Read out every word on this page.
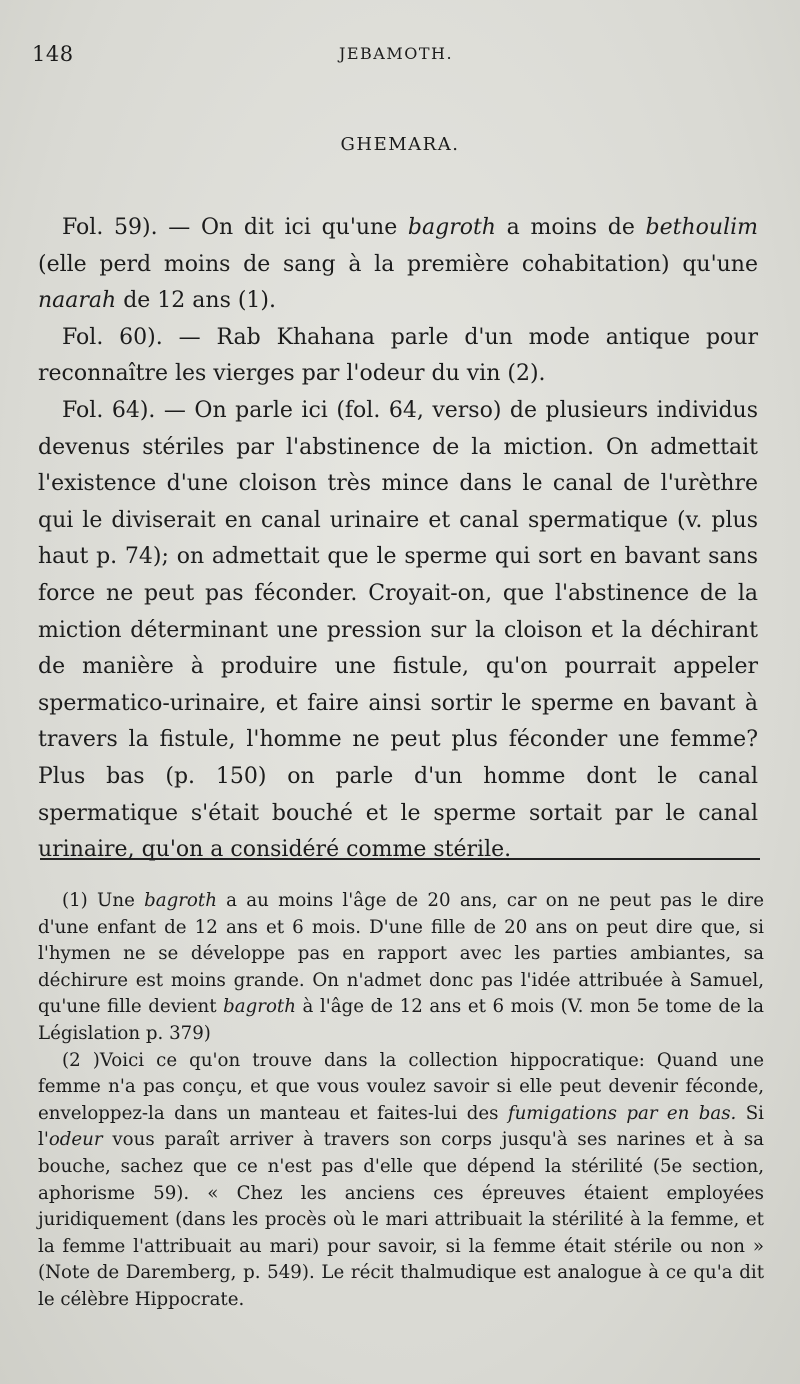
148	JEBAMOTH.
GHEMARA.

Fol. 59). — On dit ici qu'une bagroth a moins de bethoulim (elle perd moins de sang à la première cohabitation) qu'une naarah de 12 ans (1).

Fol. 60). — Rab Khahana parle d'un mode antique pour reconnaître les vierges par l'odeur du vin (2).

Fol. 64). — On parle ici (fol. 64, verso) de plusieurs individus devenus stériles par l'abstinence de la miction. On admettait l'existence d'une cloison très mince dans le canal de l'urèthre qui le diviserait en canal urinaire et canal spermatique (v. plus haut p. 74); on admettait que le sperme qui sort en bavant sans force ne peut pas féconder. Croyait-on, que l'abstinence de la miction déterminant une pression sur la cloison et la déchirant de manière à produire une fistule, qu'on pourrait appeler spermatico-urinaire, et faire ainsi sortir le sperme en bavant à travers la fistule, l'homme ne peut plus féconder une femme? Plus bas (p. 150) on parle d'un homme dont le canal spermatique s'était bouché et le sperme sortait par le canal urinaire, qu'on a considéré comme stérile.

(1) Une bagroth a au moins l'âge de 20 ans, car on ne peut pas le dire d'une enfant de 12 ans et 6 mois. D'une fille de 20 ans on peut dire que, si l'hymen ne se développe pas en rapport avec les parties ambiantes, sa déchirure est moins grande. On n'admet donc pas l'idée attribuée à Samuel, qu'une fille devient bagroth à l'âge de 12 ans et 6 mois (V. mon 5e tome de la Législation p. 379)

(2 )Voici ce qu'on trouve dans la collection hippocratique: Quand une femme n'a pas conçu, et que vous voulez savoir si elle peut devenir féconde, enveloppez-la dans un manteau et faites-lui des fumigations par en bas. Si l'odeur vous paraît arriver à travers son corps jusqu'à ses narines et à sa bouche, sachez que ce n'est pas d'elle que dépend la stérilité (5e section, aphorisme 59). « Chez les anciens ces épreuves étaient employées juridiquement (dans les procès où le mari attribuait la stérilité à la femme, et la femme l'attribuait au mari) pour savoir, si la femme était stérile ou non » (Note de Daremberg, p. 549). Le récit thalmudique est analogue à ce qu'a dit le célèbre Hippocrate.
